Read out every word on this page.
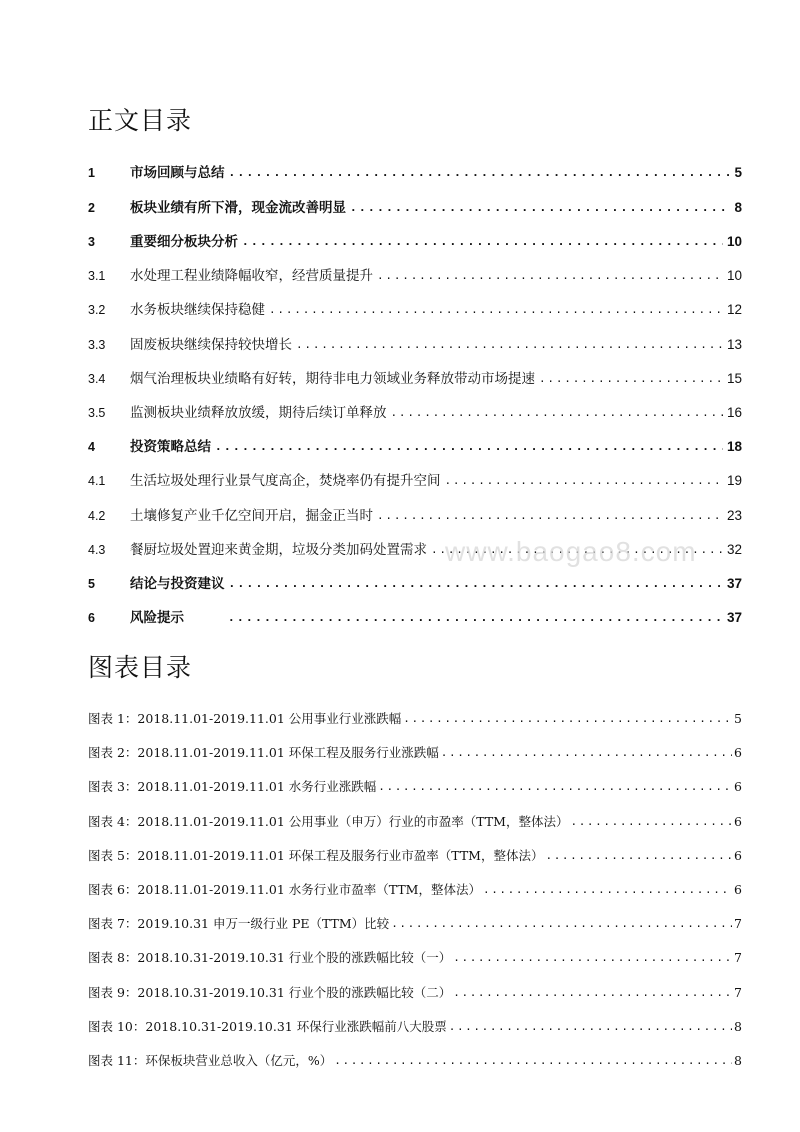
正文目录
1	市场回顾与总结 .....	5
2	板块业绩有所下滑，现金流改善明显 .....	8
3	重要细分板块分析 .....	10
3.1	水处理工程业绩降幅收窄，经营质量提升 .....	10
3.2	水务板块继续保持稳健 .....	12
3.3	固废板块继续保持较快增长 .....	13
3.4	烟气治理板块业绩略有好转，期待非电力领域业务释放带动市场提速 .....	15
3.5	监测板块业绩释放放缓，期待后续订单释放 .....	16
4	投资策略总结 .....	18
4.1	生活垃圾处理行业景气度高企，焚烧率仍有提升空间 .....	19
4.2	土壤修复产业千亿空间开启，掘金正当时 .....	23
4.3	餐厨垃圾处置迎来黄金期，垃圾分类加码处置需求 .....	32
5	结论与投资建议 .....	37
6	风险提示 .....	37
www.baogao8.com
图表目录
图表 1：2018.11.01-2019.11.01 公用事业行业涨跌幅 .....	5
图表 2：2018.11.01-2019.11.01 环保工程及服务行业涨跌幅 .....	6
图表 3：2018.11.01-2019.11.01 水务行业涨跌幅 .....	6
图表 4：2018.11.01-2019.11.01 公用事业（申万）行业的市盈率（TTM，整体法） .....	6
图表 5：2018.11.01-2019.11.01 环保工程及服务行业市盈率（TTM，整体法） .....	6
图表 6：2018.11.01-2019.11.01 水务行业市盈率（TTM，整体法） .....	6
图表 7：2019.10.31 申万一级行业 PE（TTM）比较 .....	7
图表 8：2018.10.31-2019.10.31 行业个股的涨跌幅比较（一） .....	7
图表 9：2018.10.31-2019.10.31 行业个股的涨跌幅比较（二） .....	7
图表 10：2018.10.31-2019.10.31 环保行业涨跌幅前八大股票 .....	8
图表 11：环保板块营业总收入（亿元，%） .....	8
